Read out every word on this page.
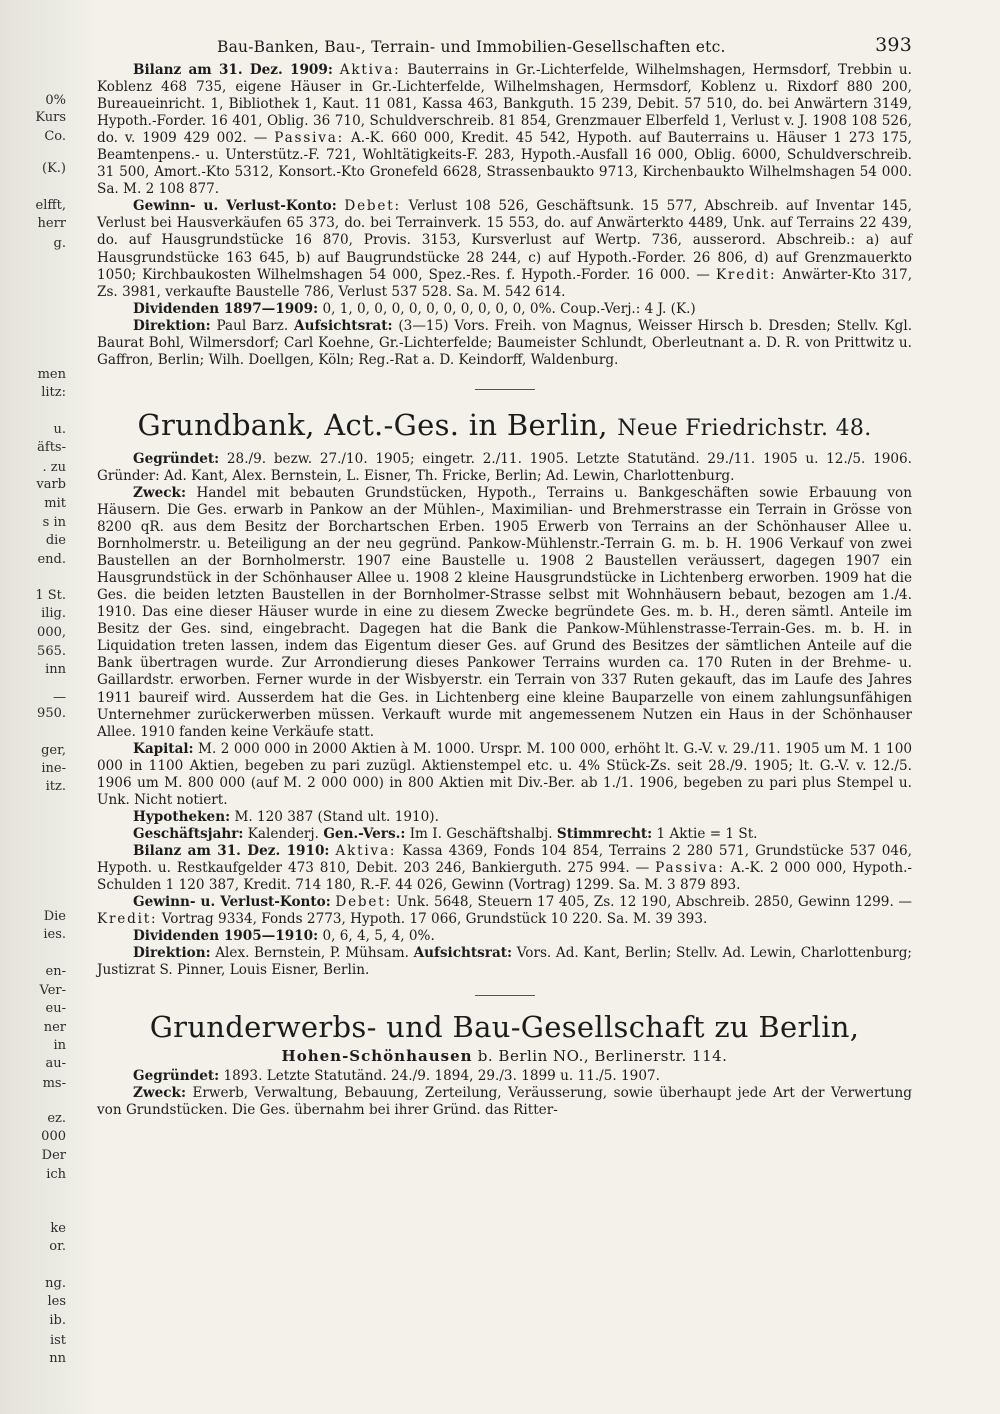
0%
Kurs
Co.
(K.)
elfft,
herr
g.
men
litz:
u.
äfts-
. zu
varb
mit
s in
die
end.
1 St.
ilig.
000,
565.
inn
—
950.
ger,
ine-
itz.
Die
ies.
en-
Ver-
eu-
ner
in
au-
ms-
ez.
000
Der
ich
ke
or.
ng.
les
ib.
ist
nn
Bau-Banken, Bau-, Terrain- und Immobilien-Gesellschaften etc.	393

Bilanz am 31. Dez. 1909: Aktiva: Bauterrains in Gr.-Lichterfelde, Wilhelmshagen, Hermsdorf, Trebbin u. Koblenz 468 735, eigene Häuser in Gr.-Lichterfelde, Wilhelmshagen, Hermsdorf, Koblenz u. Rixdorf 880 200, Bureaueinricht. 1, Bibliothek 1, Kaut. 11 081, Kassa 463, Bankguth. 15 239, Debit. 57 510, do. bei Anwärtern 3149, Hypoth.-Forder. 16 401, Oblig. 36 710, Schuldverschreib. 81 854, Grenzmauer Elberfeld 1, Verlust v. J. 1908 108 526, do. v. 1909 429 002. — Passiva: A.-K. 660 000, Kredit. 45 542, Hypoth. auf Bauterrains u. Häuser 1 273 175, Beamtenpens.- u. Unterstütz.-F. 721, Wohltätigkeits-F. 283, Hypoth.-Ausfall 16 000, Oblig. 6000, Schuldverschreib. 31 500, Amort.-Kto 5312, Konsort.-Kto Gronefeld 6628, Strassenbaukto 9713, Kirchenbaukto Wilhelmshagen 54 000. Sa. M. 2 108 877.

Gewinn- u. Verlust-Konto: Debet: Verlust 108 526, Geschäftsunk. 15 577, Abschreib. auf Inventar 145, Verlust bei Hausverkäufen 65 373, do. bei Terrainverk. 15 553, do. auf Anwärterkto 4489, Unk. auf Terrains 22 439, do. auf Hausgrundstücke 16 870, Provis. 3153, Kursverlust auf Wertp. 736, ausserord. Abschreib.: a) auf Hausgrundstücke 163 645, b) auf Baugrundstücke 28 244, c) auf Hypoth.-Forder. 26 806, d) auf Grenzmauerkto 1050; Kirchbaukosten Wilhelmshagen 54 000, Spez.-Res. f. Hypoth.-Forder. 16 000. — Kredit: Anwärter-Kto 317, Zs. 3981, verkaufte Baustelle 786, Verlust 537 528. Sa. M. 542 614.

Dividenden 1897—1909: 0, 1, 0, 0, 0, 0, 0, 0, 0, 0, 0, 0, 0%. Coup.-Verj.: 4 J. (K.)

Direktion: Paul Barz. Aufsichtsrat: (3—15) Vors. Freih. von Magnus, Weisser Hirsch b. Dresden; Stellv. Kgl. Baurat Bohl, Wilmersdorf; Carl Koehne, Gr.-Lichterfelde; Baumeister Schlundt, Oberleutnant a. D. R. von Prittwitz u. Gaffron, Berlin; Wilh. Doellgen, Köln; Reg.-Rat a. D. Keindorff, Waldenburg.

Grundbank, Act.-Ges. in Berlin, Neue Friedrichstr. 48.

Gegründet: 28./9. bezw. 27./10. 1905; eingetr. 2./11. 1905. Letzte Statutänd. 29./11. 1905 u. 12./5. 1906. Gründer: Ad. Kant, Alex. Bernstein, L. Eisner, Th. Fricke, Berlin; Ad. Lewin, Charlottenburg.

Zweck: Handel mit bebauten Grundstücken, Hypoth., Terrains u. Bankgeschäften sowie Erbauung von Häusern. Die Ges. erwarb in Pankow an der Mühlen-, Maximilian- und Brehmerstrasse ein Terrain in Grösse von 8200 qR. aus dem Besitz der Borchartschen Erben. 1905 Erwerb von Terrains an der Schönhauser Allee u. Bornholmerstr. u. Beteiligung an der neu gegründ. Pankow-Mühlenstr.-Terrain G. m. b. H. 1906 Verkauf von zwei Baustellen an der Bornholmerstr. 1907 eine Baustelle u. 1908 2 Baustellen veräussert, dagegen 1907 ein Hausgrundstück in der Schönhauser Allee u. 1908 2 kleine Hausgrundstücke in Lichtenberg erworben. 1909 hat die Ges. die beiden letzten Baustellen in der Bornholmer-Strasse selbst mit Wohnhäusern bebaut, bezogen am 1./4. 1910. Das eine dieser Häuser wurde in eine zu diesem Zwecke begründete Ges. m. b. H., deren sämtl. Anteile im Besitz der Ges. sind, eingebracht. Dagegen hat die Bank die Pankow-Mühlenstrasse-Terrain-Ges. m. b. H. in Liquidation treten lassen, indem das Eigentum dieser Ges. auf Grund des Besitzes der sämtlichen Anteile auf die Bank übertragen wurde. Zur Arrondierung dieses Pankower Terrains wurden ca. 170 Ruten in der Brehme- u. Gaillardstr. erworben. Ferner wurde in der Wisbyerstr. ein Terrain von 337 Ruten gekauft, das im Laufe des Jahres 1911 baureif wird. Ausserdem hat die Ges. in Lichtenberg eine kleine Bauparzelle von einem zahlungsunfähigen Unternehmer zurückerwerben müssen. Verkauft wurde mit angemessenem Nutzen ein Haus in der Schönhauser Allee. 1910 fanden keine Verkäufe statt.

Kapital: M. 2 000 000 in 2000 Aktien à M. 1000. Urspr. M. 100 000, erhöht lt. G.-V. v. 29./11. 1905 um M. 1 100 000 in 1100 Aktien, begeben zu pari zuzügl. Aktienstempel etc. u. 4% Stück-Zs. seit 28./9. 1905; lt. G.-V. v. 12./5. 1906 um M. 800 000 (auf M. 2 000 000) in 800 Aktien mit Div.-Ber. ab 1./1. 1906, begeben zu pari plus Stempel u. Unk. Nicht notiert.

Hypotheken: M. 120 387 (Stand ult. 1910).

Geschäftsjahr: Kalenderj. Gen.-Vers.: Im I. Geschäftshalbj. Stimmrecht: 1 Aktie = 1 St.

Bilanz am 31. Dez. 1910: Aktiva: Kassa 4369, Fonds 104 854, Terrains 2 280 571, Grundstücke 537 046, Hypoth. u. Restkaufgelder 473 810, Debit. 203 246, Bankierguth. 275 994. — Passiva: A.-K. 2 000 000, Hypoth.-Schulden 1 120 387, Kredit. 714 180, R.-F. 44 026, Gewinn (Vortrag) 1299. Sa. M. 3 879 893.

Gewinn- u. Verlust-Konto: Debet: Unk. 5648, Steuern 17 405, Zs. 12 190, Abschreib. 2850, Gewinn 1299. — Kredit: Vortrag 9334, Fonds 2773, Hypoth. 17 066, Grundstück 10 220. Sa. M. 39 393.

Dividenden 1905—1910: 0, 6, 4, 5, 4, 0%.

Direktion: Alex. Bernstein, P. Mühsam. Aufsichtsrat: Vors. Ad. Kant, Berlin; Stellv. Ad. Lewin, Charlottenburg; Justizrat S. Pinner, Louis Eisner, Berlin.

Grunderwerbs- und Bau-Gesellschaft zu Berlin,
Hohen-Schönhausen b. Berlin NO., Berlinerstr. 114.

Gegründet: 1893. Letzte Statutänd. 24./9. 1894, 29./3. 1899 u. 11./5. 1907.

Zweck: Erwerb, Verwaltung, Bebauung, Zerteilung, Veräusserung, sowie überhaupt jede Art der Verwertung von Grundstücken. Die Ges. übernahm bei ihrer Gründ. das Ritter-
